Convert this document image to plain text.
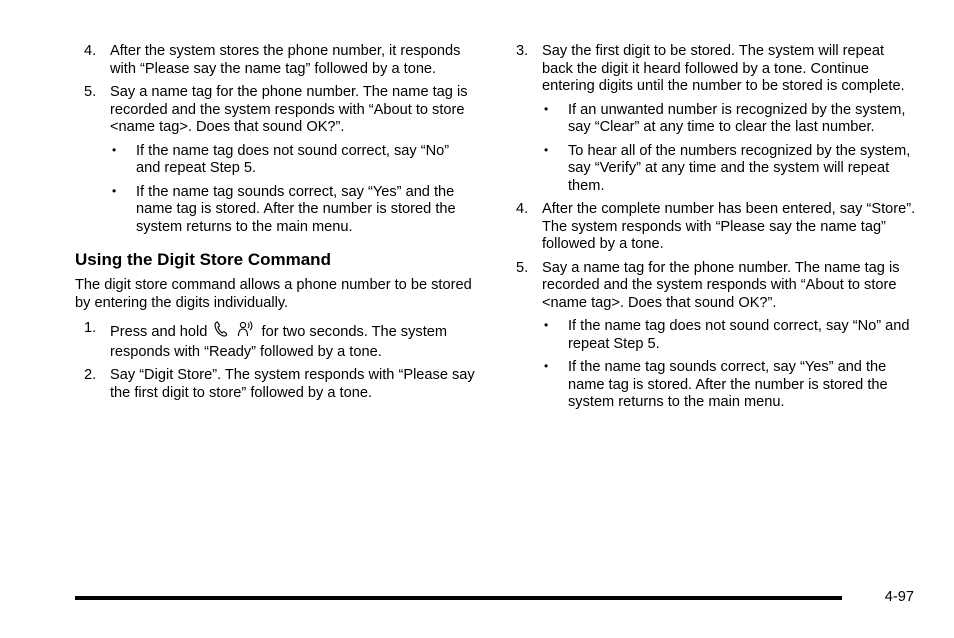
4. After the system stores the phone number, it responds with “Please say the name tag” followed by a tone.
5. Say a name tag for the phone number. The name tag is recorded and the system responds with “About to store <name tag>. Does that sound OK?”.
• If the name tag does not sound correct, say “No” and repeat Step 5.
• If the name tag sounds correct, say “Yes” and the name tag is stored. After the number is stored the system returns to the main menu.
Using the Digit Store Command

The digit store command allows a phone number to be stored by entering the digits individually.

1. Press and hold	for two seconds. The system responds with “Ready” followed by a tone.
2. Say “Digit Store”. The system responds with “Please say the first digit to store” followed by a tone.
3. Say the first digit to be stored. The system will repeat back the digit it heard followed by a tone. Continue entering digits until the number to be stored is complete.
• If an unwanted number is recognized by the system, say “Clear” at any time to clear the last number.
• To hear all of the numbers recognized by the system, say “Verify” at any time and the system will repeat them.
4. After the complete number has been entered, say “Store”. The system responds with “Please say the name tag” followed by a tone.
5. Say a name tag for the phone number. The name tag is recorded and the system responds with “About to store <name tag>. Does that sound OK?”.
• If the name tag does not sound correct, say “No” and repeat Step 5.
• If the name tag sounds correct, say “Yes” and the name tag is stored. After the number is stored the system returns to the main menu.
4-97
